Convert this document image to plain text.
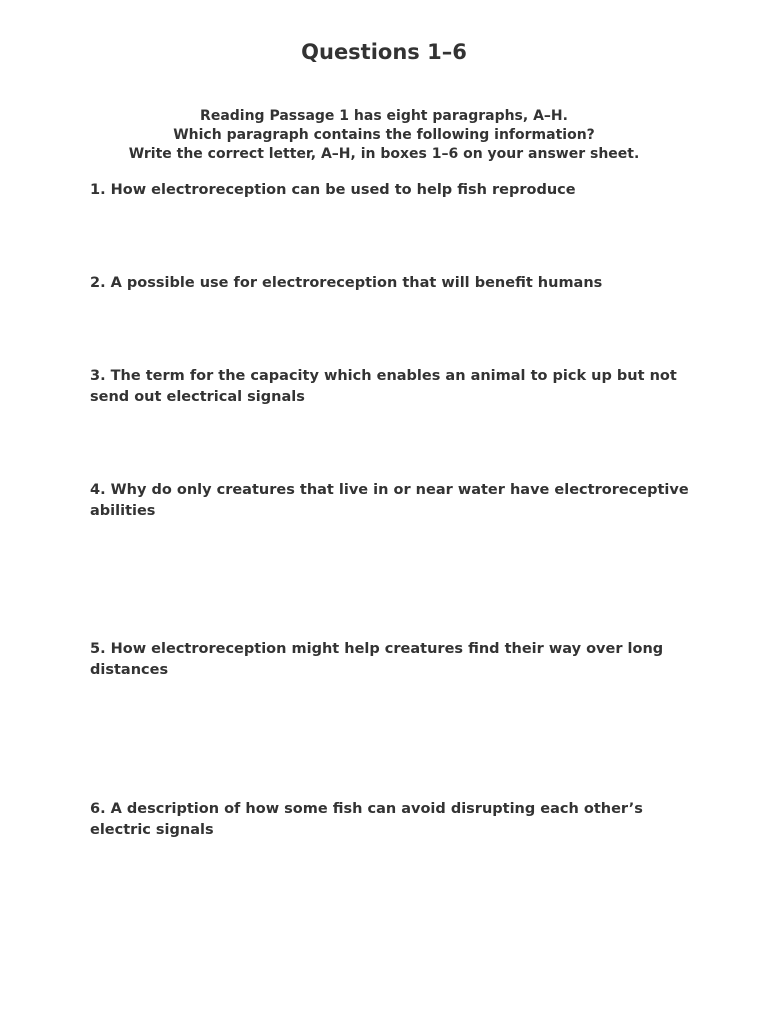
Questions 1–6
Reading Passage 1 has eight paragraphs, A–H.
Which paragraph contains the following information?
Write the correct letter, A–H, in boxes 1–6 on your answer sheet.
1. How electroreception can be used to help fish reproduce
2. A possible use for electroreception that will benefit humans
3. The term for the capacity which enables an animal to pick up but not send out electrical signals
4. Why do only creatures that live in or near water have electroreceptive abilities
5. How electroreception might help creatures find their way over long distances
6. A description of how some fish can avoid disrupting each other’s electric signals
